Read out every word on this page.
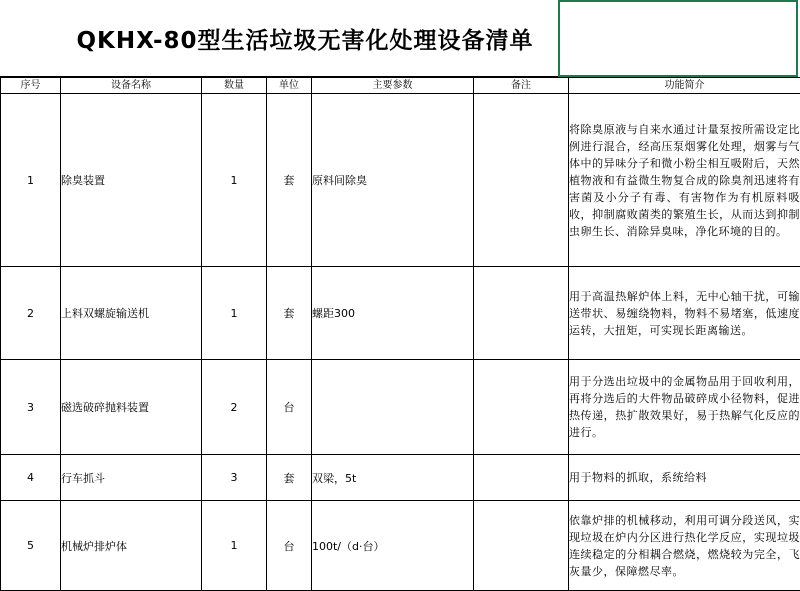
QKHX-80型生活垃圾无害化处理设备清单
序号	设备名称	数量	单位	主要参数	备注	功能简介
1	除臭装置	1	套	原料间除臭		将除臭原液与自来水通过计量泵按所需设定比例进行混合，经高压泵烟雾化处理，烟雾与气体中的异味分子和微小粉尘相互吸附后，天然植物液和有益微生物复合成的除臭剂迅速将有害菌及小分子有毒、有害物作为有机原料吸收，抑制腐败菌类的繁殖生长，从而达到抑制虫卵生长、消除异臭味，净化环境的目的。
2	上料双螺旋输送机	1	套	螺距300		用于高温热解炉体上料，无中心轴干扰，可输送带状、易缠绕物料，物料不易堵塞，低速度运转，大扭矩，可实现长距离输送。
3	磁选破碎抛料装置	2	台			用于分选出垃圾中的金属物品用于回收利用，再将分选后的大件物品破碎成小径物料，促进热传递，热扩散效果好，易于热解气化反应的进行。
4	行车抓斗	3	套	双梁，5t		用于物料的抓取，系统给料
5	机械炉排炉体	1	台	100t/（d·台）		依靠炉排的机械移动，利用可调分段送风，实现垃圾在炉内分区进行热化学反应，实现垃圾连续稳定的分相耦合燃烧，燃烧较为完全，飞灰量少，保障燃尽率。
